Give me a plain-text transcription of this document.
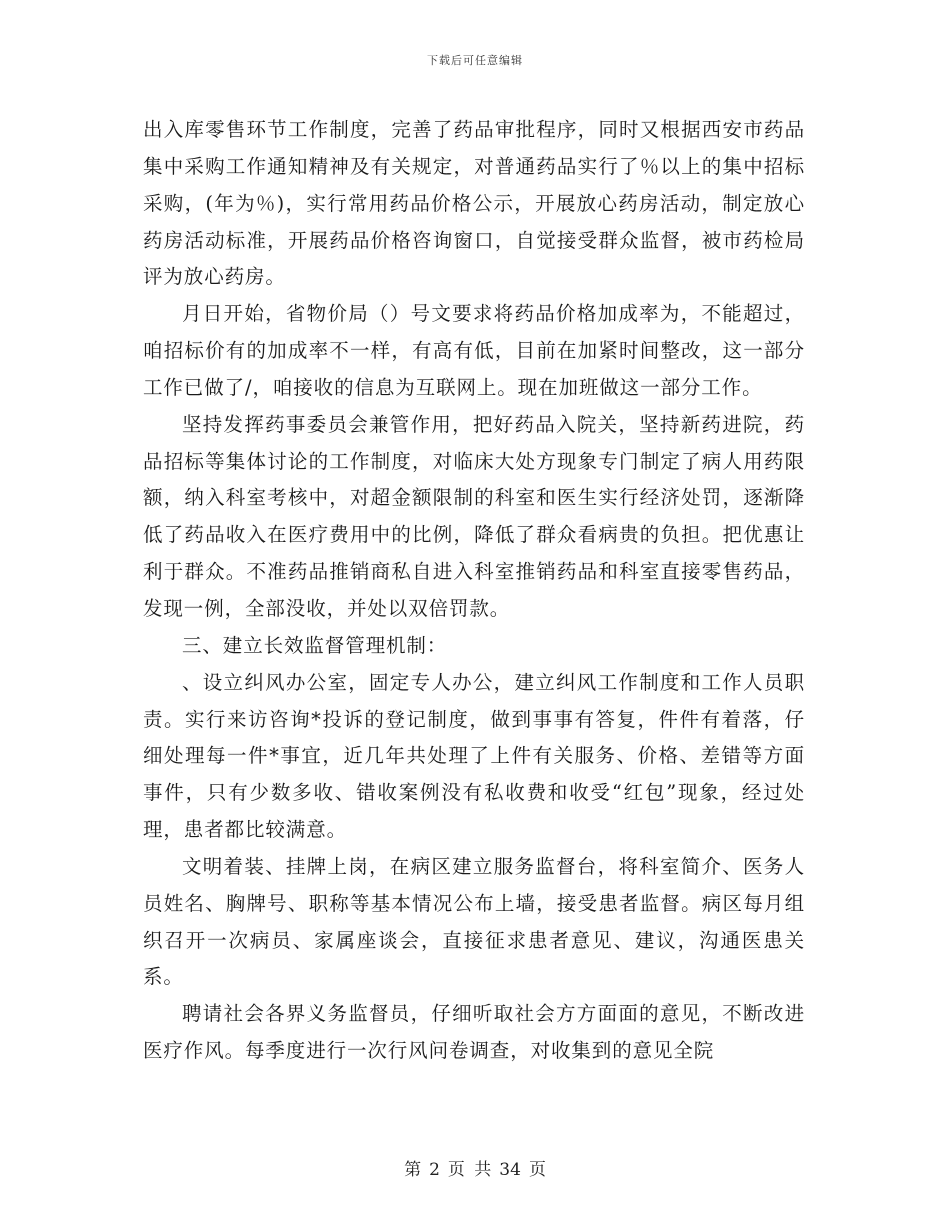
下载后可任意编辑

出入库零售环节工作制度，完善了药品审批程序，同时又根据西安市药品集中采购工作通知精神及有关规定，对普通药品实行了％以上的集中招标采购，(年为％)，实行常用药品价格公示，开展放心药房活动，制定放心药房活动标准，开展药品价格咨询窗口，自觉接受群众监督，被市药检局评为放心药房。

月日开始，省物价局（）号文要求将药品价格加成率为，不能超过，咱招标价有的加成率不一样，有高有低，目前在加紧时间整改，这一部分工作已做了/，咱接收的信息为互联网上。现在加班做这一部分工作。

坚持发挥药事委员会兼管作用，把好药品入院关，坚持新药进院，药品招标等集体讨论的工作制度，对临床大处方现象专门制定了病人用药限额，纳入科室考核中，对超金额限制的科室和医生实行经济处罚，逐渐降低了药品收入在医疗费用中的比例，降低了群众看病贵的负担。把优惠让利于群众。不准药品推销商私自进入科室推销药品和科室直接零售药品，发现一例，全部没收，并处以双倍罚款。

三、建立长效监督管理机制：

、设立纠风办公室，固定专人办公，建立纠风工作制度和工作人员职责。实行来访咨询*投诉的登记制度，做到事事有答复，件件有着落，仔细处理每一件*事宜，近几年共处理了上件有关服务、价格、差错等方面事件，只有少数多收、错收案例没有私收费和收受“红包”现象，经过处理，患者都比较满意。

文明着装、挂牌上岗，在病区建立服务监督台，将科室简介、医务人员姓名、胸牌号、职称等基本情况公布上墙，接受患者监督。病区每月组织召开一次病员、家属座谈会，直接征求患者意见、建议，沟通医患关系。

聘请社会各界义务监督员，仔细听取社会方方面面的意见，不断改进医疗作风。每季度进行一次行风问卷调查，对收集到的意见全院

第 2 页 共 34 页
